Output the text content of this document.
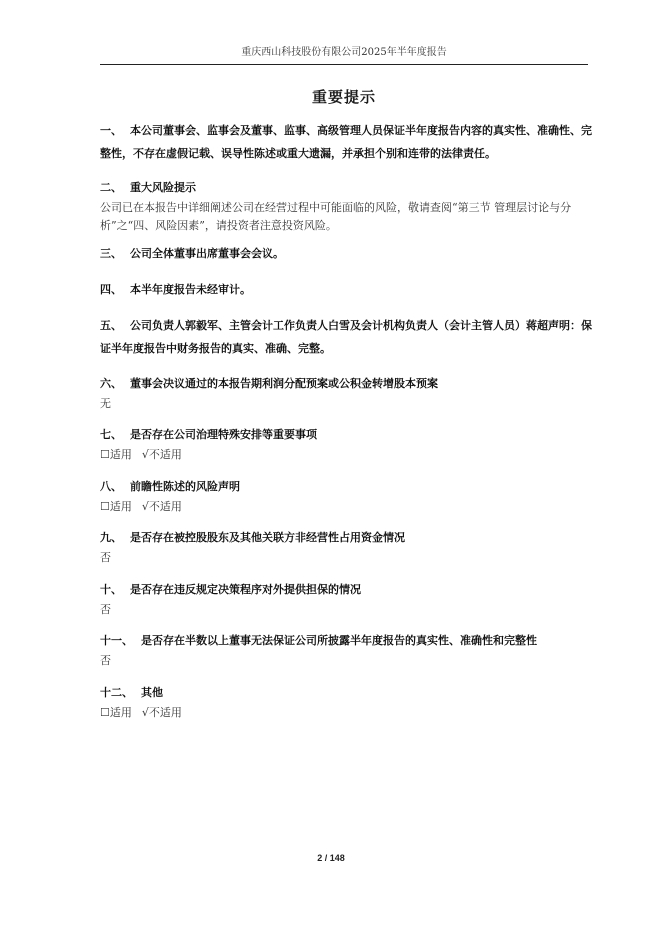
重庆西山科技股份有限公司2025年半年度报告
重要提示
一、 本公司董事会、监事会及董事、监事、高级管理人员保证半年度报告内容的真实性、准确性、完整性，不存在虚假记载、误导性陈述或重大遗漏，并承担个别和连带的法律责任。
二、 重大风险提示
公司已在本报告中详细阐述公司在经营过程中可能面临的风险，敬请查阅“第三节 管理层讨论与分析”之“四、风险因素”，请投资者注意投资风险。
三、 公司全体董事出席董事会会议。
四、 本半年度报告未经审计。
五、 公司负责人郭毅军、主管会计工作负责人白雪及会计机构负责人（会计主管人员）蒋超声明：保证半年度报告中财务报告的真实、准确、完整。
六、 董事会决议通过的本报告期利润分配预案或公积金转增股本预案
无
七、 是否存在公司治理特殊安排等重要事项
☐适用 √不适用
八、 前瞻性陈述的风险声明
☐适用 √不适用
九、 是否存在被控股股东及其他关联方非经营性占用资金情况
否
十、 是否存在违反规定决策程序对外提供担保的情况
否
十一、 是否存在半数以上董事无法保证公司所披露半年度报告的真实性、准确性和完整性
否
十二、 其他
☐适用 √不适用
2 / 148
